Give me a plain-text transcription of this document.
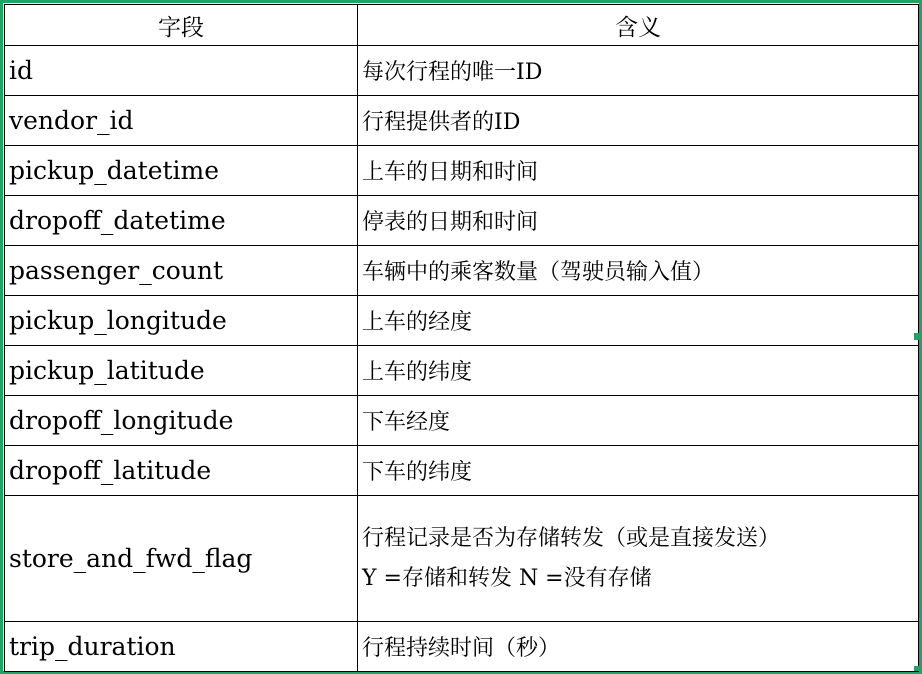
字段	含义
id	每次行程的唯一ID
vendor_id	行程提供者的ID
pickup_datetime	上车的日期和时间
dropoff_datetime	停表的日期和时间
passenger_count	车辆中的乘客数量（驾驶员输入值）
pickup_longitude	上车的经度
pickup_latitude	上车的纬度
dropoff_longitude	下车经度
dropoff_latitude	下车的纬度
store_and_fwd_flag	行程记录是否为存储转发（或是直接发送）
Y =存储和转发 N =没有存储

trip_duration	行程持续时间（秒）
